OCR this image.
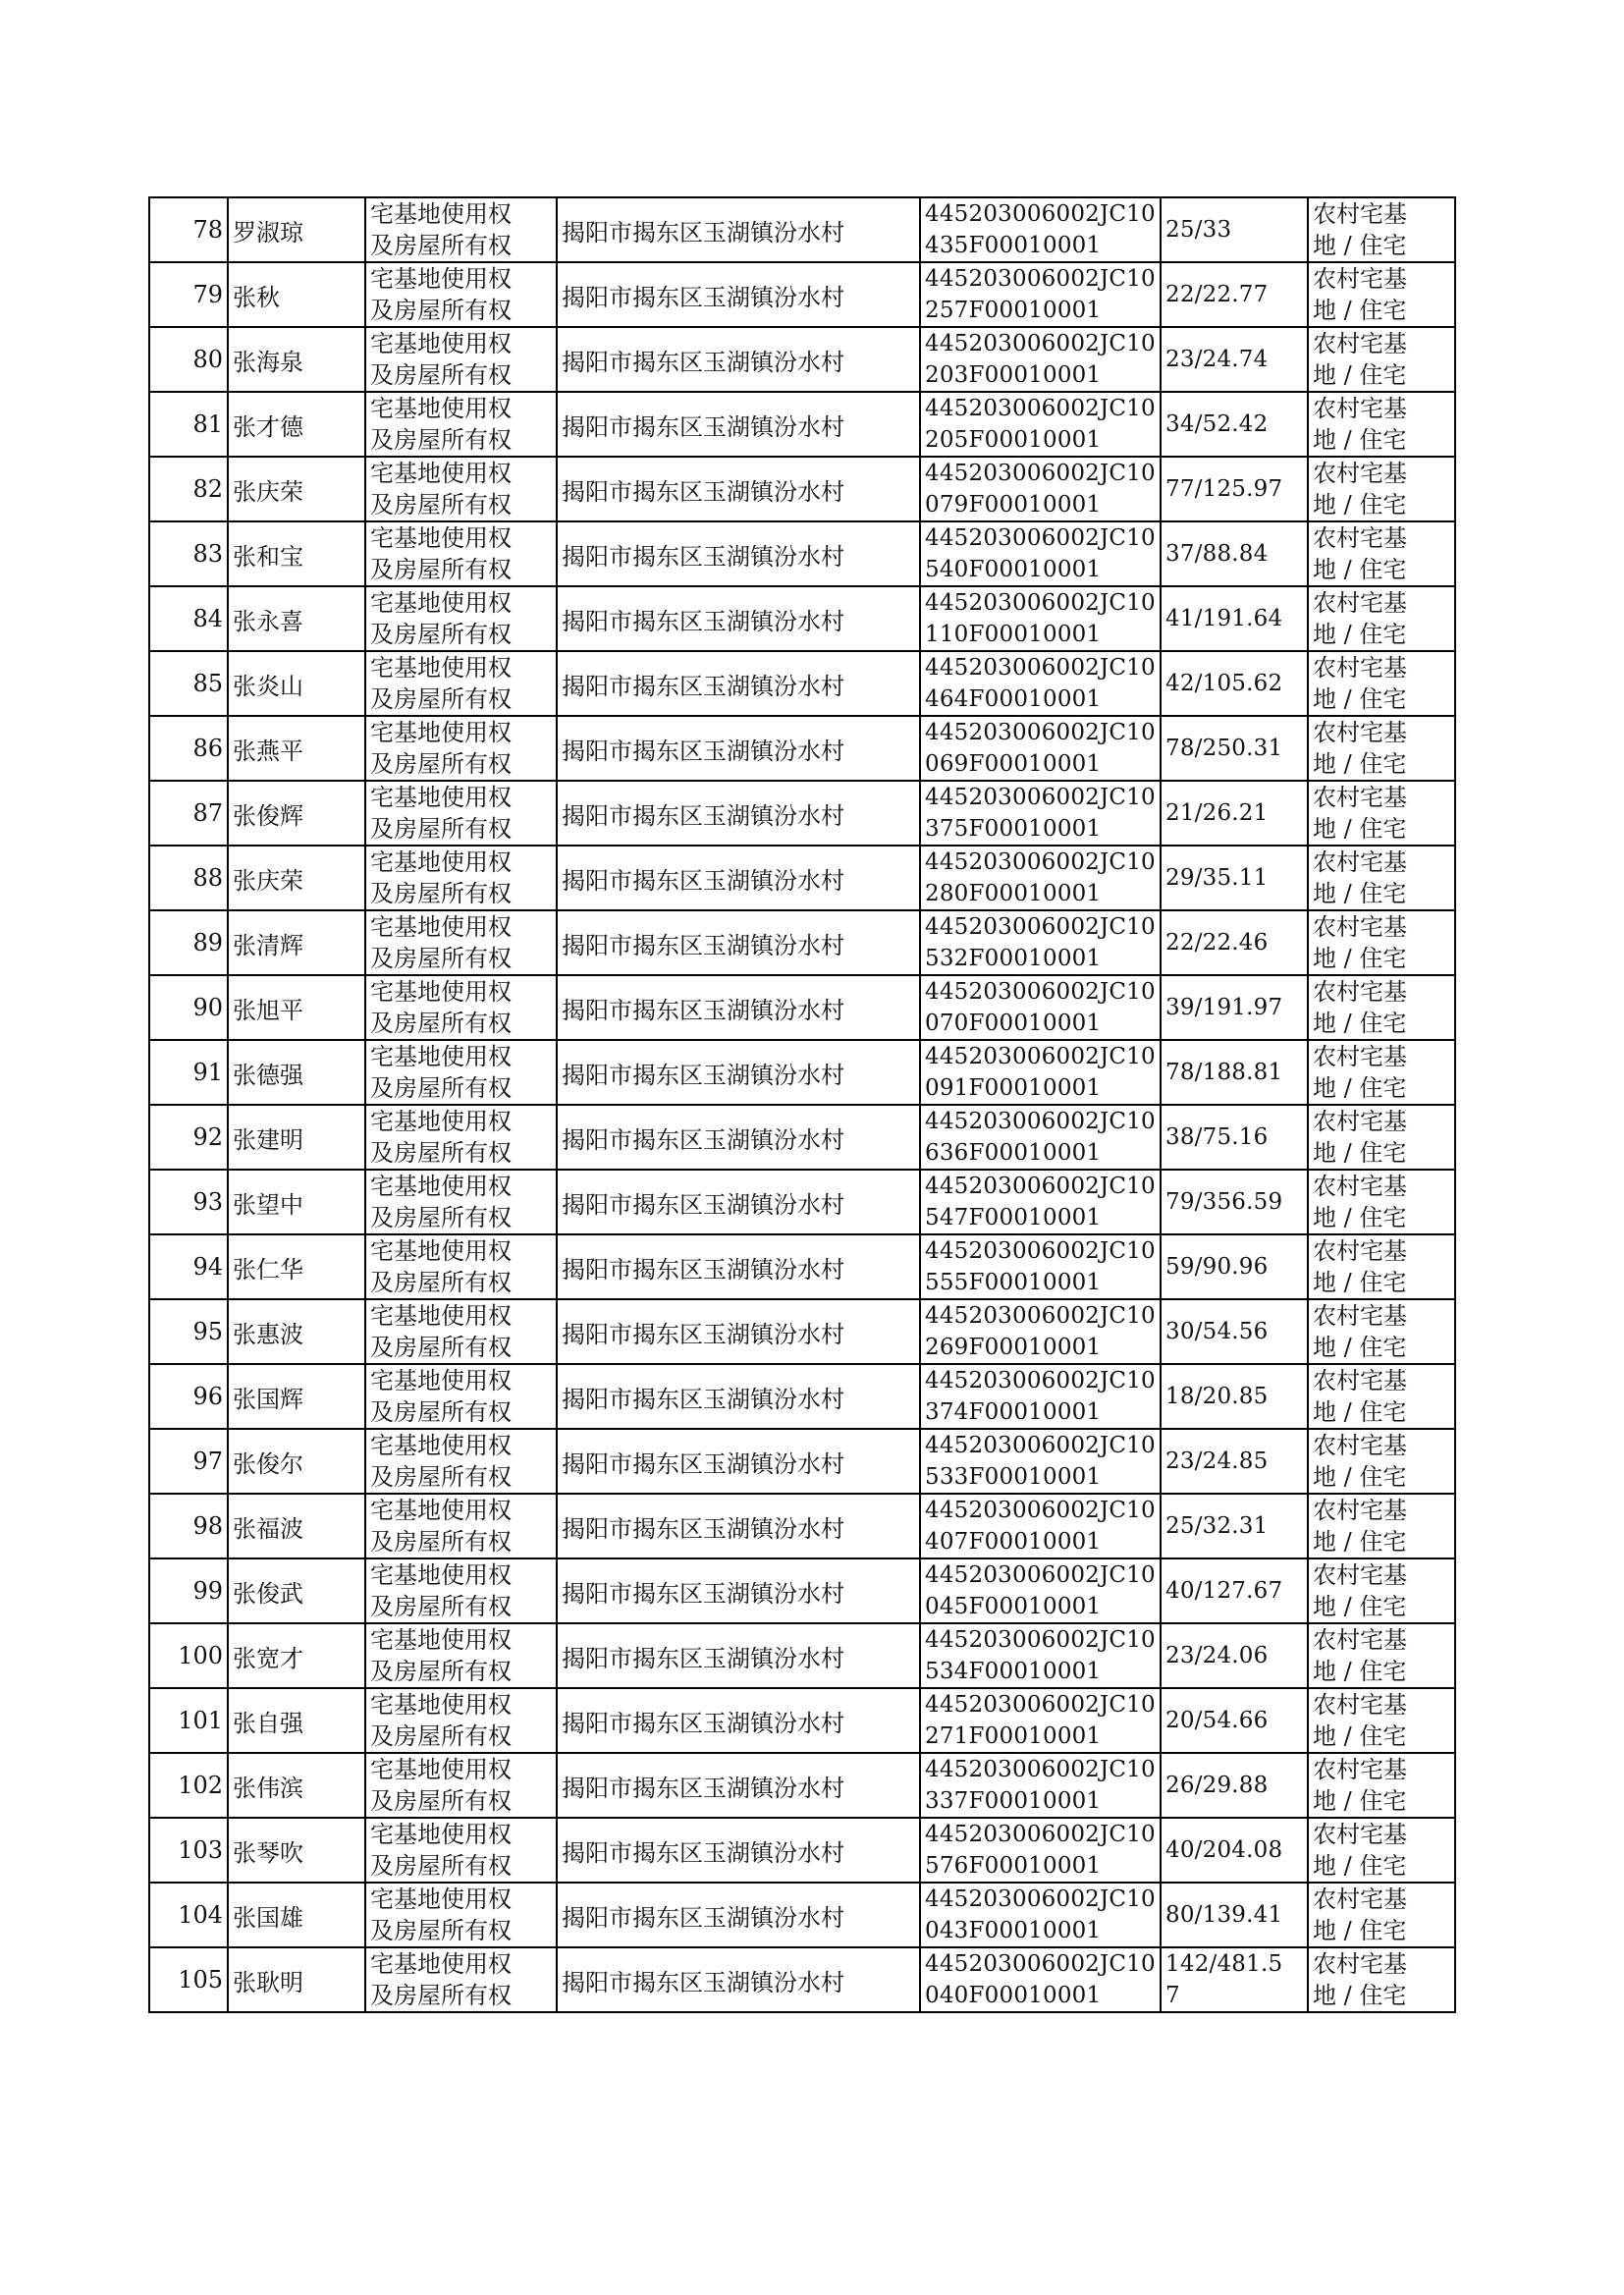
78	罗淑琼	宅基地使用权
及房屋所有权	揭阳市揭东区玉湖镇汾水村	445203006002JC10
435F00010001	25/33	农村宅基
地 / 住宅
79	张秋	宅基地使用权
及房屋所有权	揭阳市揭东区玉湖镇汾水村	445203006002JC10
257F00010001	22/22.77	农村宅基
地 / 住宅
80	张海泉	宅基地使用权
及房屋所有权	揭阳市揭东区玉湖镇汾水村	445203006002JC10
203F00010001	23/24.74	农村宅基
地 / 住宅
81	张才德	宅基地使用权
及房屋所有权	揭阳市揭东区玉湖镇汾水村	445203006002JC10
205F00010001	34/52.42	农村宅基
地 / 住宅
82	张庆荣	宅基地使用权
及房屋所有权	揭阳市揭东区玉湖镇汾水村	445203006002JC10
079F00010001	77/125.97	农村宅基
地 / 住宅
83	张和宝	宅基地使用权
及房屋所有权	揭阳市揭东区玉湖镇汾水村	445203006002JC10
540F00010001	37/88.84	农村宅基
地 / 住宅
84	张永喜	宅基地使用权
及房屋所有权	揭阳市揭东区玉湖镇汾水村	445203006002JC10
110F00010001	41/191.64	农村宅基
地 / 住宅
85	张炎山	宅基地使用权
及房屋所有权	揭阳市揭东区玉湖镇汾水村	445203006002JC10
464F00010001	42/105.62	农村宅基
地 / 住宅
86	张燕平	宅基地使用权
及房屋所有权	揭阳市揭东区玉湖镇汾水村	445203006002JC10
069F00010001	78/250.31	农村宅基
地 / 住宅
87	张俊辉	宅基地使用权
及房屋所有权	揭阳市揭东区玉湖镇汾水村	445203006002JC10
375F00010001	21/26.21	农村宅基
地 / 住宅
88	张庆荣	宅基地使用权
及房屋所有权	揭阳市揭东区玉湖镇汾水村	445203006002JC10
280F00010001	29/35.11	农村宅基
地 / 住宅
89	张清辉	宅基地使用权
及房屋所有权	揭阳市揭东区玉湖镇汾水村	445203006002JC10
532F00010001	22/22.46	农村宅基
地 / 住宅
90	张旭平	宅基地使用权
及房屋所有权	揭阳市揭东区玉湖镇汾水村	445203006002JC10
070F00010001	39/191.97	农村宅基
地 / 住宅
91	张德强	宅基地使用权
及房屋所有权	揭阳市揭东区玉湖镇汾水村	445203006002JC10
091F00010001	78/188.81	农村宅基
地 / 住宅
92	张建明	宅基地使用权
及房屋所有权	揭阳市揭东区玉湖镇汾水村	445203006002JC10
636F00010001	38/75.16	农村宅基
地 / 住宅
93	张望中	宅基地使用权
及房屋所有权	揭阳市揭东区玉湖镇汾水村	445203006002JC10
547F00010001	79/356.59	农村宅基
地 / 住宅
94	张仁华	宅基地使用权
及房屋所有权	揭阳市揭东区玉湖镇汾水村	445203006002JC10
555F00010001	59/90.96	农村宅基
地 / 住宅
95	张惠波	宅基地使用权
及房屋所有权	揭阳市揭东区玉湖镇汾水村	445203006002JC10
269F00010001	30/54.56	农村宅基
地 / 住宅
96	张国辉	宅基地使用权
及房屋所有权	揭阳市揭东区玉湖镇汾水村	445203006002JC10
374F00010001	18/20.85	农村宅基
地 / 住宅
97	张俊尔	宅基地使用权
及房屋所有权	揭阳市揭东区玉湖镇汾水村	445203006002JC10
533F00010001	23/24.85	农村宅基
地 / 住宅
98	张福波	宅基地使用权
及房屋所有权	揭阳市揭东区玉湖镇汾水村	445203006002JC10
407F00010001	25/32.31	农村宅基
地 / 住宅
99	张俊武	宅基地使用权
及房屋所有权	揭阳市揭东区玉湖镇汾水村	445203006002JC10
045F00010001	40/127.67	农村宅基
地 / 住宅
100	张宽才	宅基地使用权
及房屋所有权	揭阳市揭东区玉湖镇汾水村	445203006002JC10
534F00010001	23/24.06	农村宅基
地 / 住宅
101	张自强	宅基地使用权
及房屋所有权	揭阳市揭东区玉湖镇汾水村	445203006002JC10
271F00010001	20/54.66	农村宅基
地 / 住宅
102	张伟滨	宅基地使用权
及房屋所有权	揭阳市揭东区玉湖镇汾水村	445203006002JC10
337F00010001	26/29.88	农村宅基
地 / 住宅
103	张琴吹	宅基地使用权
及房屋所有权	揭阳市揭东区玉湖镇汾水村	445203006002JC10
576F00010001	40/204.08	农村宅基
地 / 住宅
104	张国雄	宅基地使用权
及房屋所有权	揭阳市揭东区玉湖镇汾水村	445203006002JC10
043F00010001	80/139.41	农村宅基
地 / 住宅
105	张耿明	宅基地使用权
及房屋所有权	揭阳市揭东区玉湖镇汾水村	445203006002JC10
040F00010001	142/481.5
7	农村宅基
地 / 住宅
